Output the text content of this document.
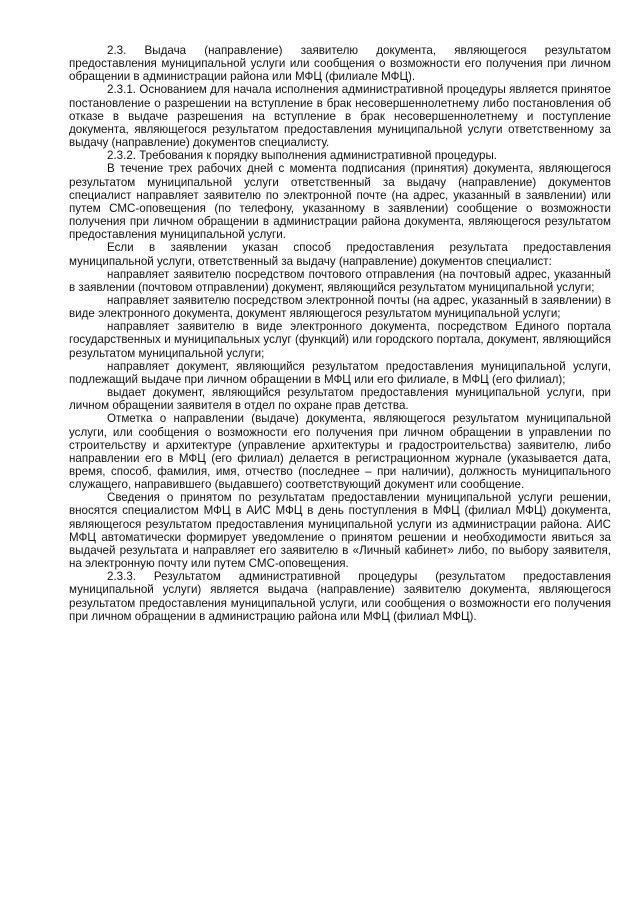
2.3. Выдача (направление) заявителю документа, являющегося результатом предоставления муниципальной услуги или сообщения о возможности его получения при личном обращении в администрации района или МФЦ (филиале МФЦ).

2.3.1. Основанием для начала исполнения административной процедуры является принятое постановление о разрешении на вступление в брак несовершеннолетнему либо постановления об отказе в выдаче разрешения на вступление в брак несовершеннолетнему и поступление документа, являющегося результатом предоставления муниципальной услуги ответственному за выдачу (направление) документов специалисту.

2.3.2. Требования к порядку выполнения административной процедуры.

В течение трех рабочих дней с момента подписания (принятия) документа, являющегося результатом муниципальной услуги ответственный за выдачу (направление) документов специалист направляет заявителю по электронной почте (на адрес, указанный в заявлении) или путем СМС-оповещения (по телефону, указанному в заявлении) сообщение о возможности получения при личном обращении в администрации района документа, являющегося результатом предоставления муниципальной услуги.

Если в заявлении указан способ предоставления результата предоставления муниципальной услуги, ответственный за выдачу (направление) документов специалист:

направляет заявителю посредством почтового отправления (на почтовый адрес, указанный в заявлении (почтовом отправлении) документ, являющийся результатом муниципальной услуги;

направляет заявителю посредством электронной почты (на адрес, указанный в заявлении) в виде электронного документа, документ являющегося результатом муниципальной услуги;

направляет заявителю в виде электронного документа, посредством Единого портала государственных и муниципальных услуг (функций) или городского портала, документ, являющийся результатом муниципальной услуги;

направляет документ, являющийся результатом предоставления муниципальной услуги, подлежащий выдаче при личном обращении в МФЦ или его филиале, в МФЦ (его филиал);

выдает документ, являющийся результатом предоставления муниципальной услуги, при личном обращении заявителя в отдел по охране прав детства.

Отметка о направлении (выдаче) документа, являющегося результатом муниципальной услуги, или сообщения о возможности его получения при личном обращении в управлении по строительству и архитектуре (управление архитектуры и градостроительства) заявителю, либо направлении его в МФЦ (его филиал) делается в регистрационном журнале (указывается дата, время, способ, фамилия, имя, отчество (последнее – при наличии), должность муниципального служащего, направившего (выдавшего) соответствующий документ или сообщение.

Сведения о принятом по результатам предоставлении муниципальной услуги решении, вносятся специалистом МФЦ в АИС МФЦ в день поступления в МФЦ (филиал МФЦ) документа, являющегося результатом предоставления муниципальной услуги из администрации района. АИС МФЦ автоматически формирует уведомление о принятом решении и необходимости явиться за выдачей результата и направляет его заявителю в «Личный кабинет» либо, по выбору заявителя, на электронную почту или путем СМС-оповещения.

2.3.3. Результатом административной процедуры (результатом предоставления муниципальной услуги) является выдача (направление) заявителю документа, являющегося результатом предоставления муниципальной услуги, или сообщения о возможности его получения при личном обращении в администрацию района или МФЦ (филиал МФЦ).
